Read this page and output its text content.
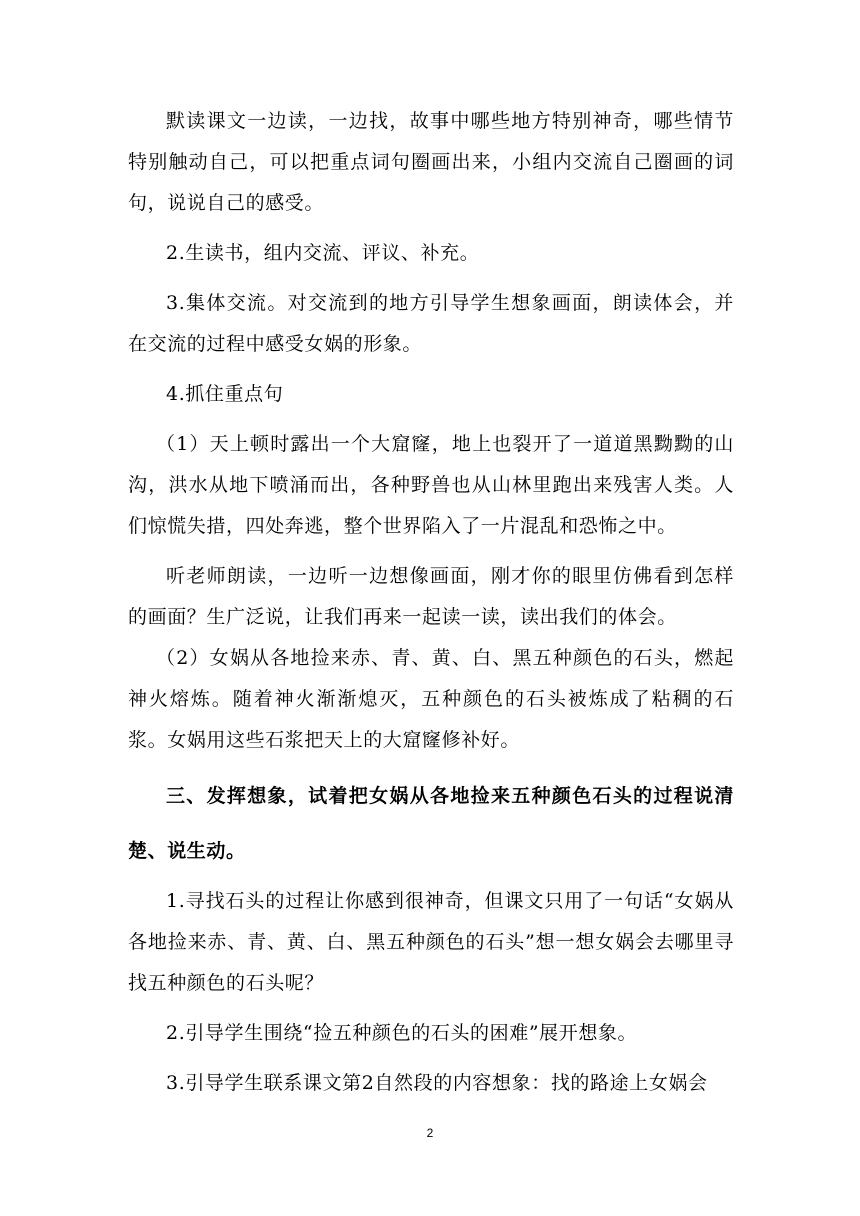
默读课文一边读，一边找，故事中哪些地方特别神奇，哪些情节特别触动自己，可以把重点词句圈画出来，小组内交流自己圈画的词句，说说自己的感受。

2.生读书，组内交流、评议、补充。

3.集体交流。对交流到的地方引导学生想象画面，朗读体会，并在交流的过程中感受女娲的形象。

4.抓住重点句

（1）天上顿时露出一个大窟窿，地上也裂开了一道道黑黝黝的山沟，洪水从地下喷涌而出，各种野兽也从山林里跑出来残害人类。人们惊慌失措，四处奔逃，整个世界陷入了一片混乱和恐怖之中。

听老师朗读，一边听一边想像画面，刚才你的眼里仿佛看到怎样的画面？生广泛说，让我们再来一起读一读，读出我们的体会。

（2）女娲从各地捡来赤、青、黄、白、黑五种颜色的石头，燃起神火熔炼。随着神火渐渐熄灭，五种颜色的石头被炼成了粘稠的石浆。女娲用这些石浆把天上的大窟窿修补好。

三、发挥想象，试着把女娲从各地捡来五种颜色石头的过程说清楚、说生动。

1.寻找石头的过程让你感到很神奇，但课文只用了一句话“女娲从各地捡来赤、青、黄、白、黑五种颜色的石头”想一想女娲会去哪里寻找五种颜色的石头呢？

2.引导学生围绕“捡五种颜色的石头的困难”展开想象。

3.引导学生联系课文第2自然段的内容想象：找的路途上女娲会

2
